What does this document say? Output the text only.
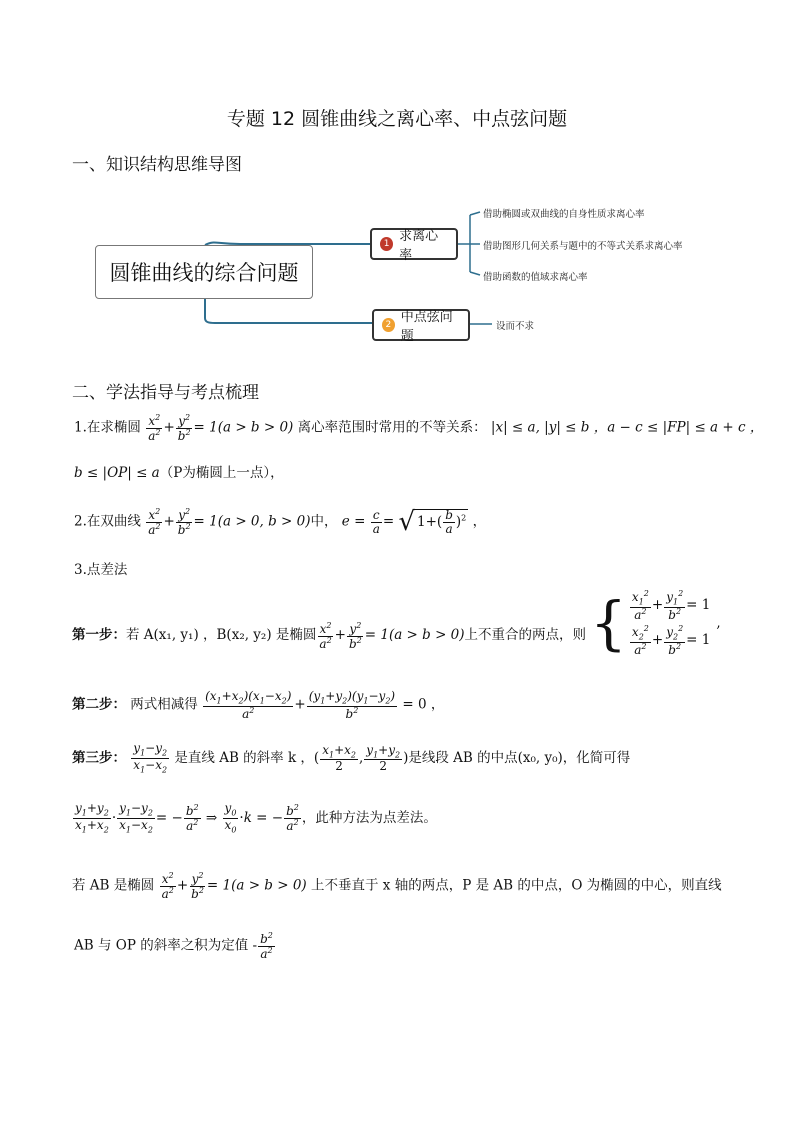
专题 12 圆锥曲线之离心率、中点弦问题
一、知识结构思维导图
圆锥曲线的综合问题
1 求离心率
2 中点弦问题
借助椭圆或双曲线的自身性质求离心率
借助图形几何关系与题中的不等式关系求离心率
借助函数的值域求离心率
设而不求
二、学法指导与考点梳理
1.在求椭圆 $\frac{x^2}{a^2} + \frac{y^2}{b^2} = 1(a > b > 0)$ 离心率范围时常用的不等关系： |x| ≤ a, |y| ≤ b ，a − c ≤ |FP| ≤ a + c ，
b ≤ |OP| ≤ a（P为椭圆上一点），
2.在双曲线 $\frac{x^2}{a^2} + \frac{y^2}{b^2} = 1(a > 0$, b > 0)中， $e = \frac{c}{a}$ = √ $1+( \frac{b}{a} )^2$ ，
3.点差法
第一步： 若 A(x₁, y₁) ，B(x₂, y₂) 是椭圆 $\frac{x^2}{a^2} + \frac{y^2}{b^2} = 1(a > b > 0)$ 上不重合的两点，则 { $\frac{x_1^2}{a^2} + \frac{y_1^2}{b^2} = 1$
$\frac{x_2^2}{a^2} + \frac{y_2^2}{b^2} = 1$
,
第二步： 两式相减得 $\frac{(x_1+x_2)(x_1-x_2)}{a^2} + \frac{(y_1+y_2)(y_1-y_2)}{b^2} = 0$ ，
第三步： $\frac{y_1-y_2}{x_1-x_2}$ 是直线 AB 的斜率 k ，( $\frac{x_1+x_2}{2}$ , $\frac{y_1+y_2}{2}$ )是线段 AB 的中点(x₀, y₀)，化简可得
$\frac{y_1+y_2}{x_1+x_2} \cdot \frac{y_1-y_2}{x_1-x_2}$ = − $\frac{b^2}{a^2}$ ⇒ $\frac{y_0}{x_0} \cdot k$ = − $\frac{b^2}{a^2}$ ，此种方法为点差法。
若 AB 是椭圆 $\frac{x^2}{a^2} + \frac{y^2}{b^2} = 1(a > b > 0)$ 上不垂直于 x 轴的两点，P 是 AB 的中点，O 为椭圆的中心，则直线
AB 与 OP 的斜率之积为定值 - $\frac{b^2}{a^2}$
